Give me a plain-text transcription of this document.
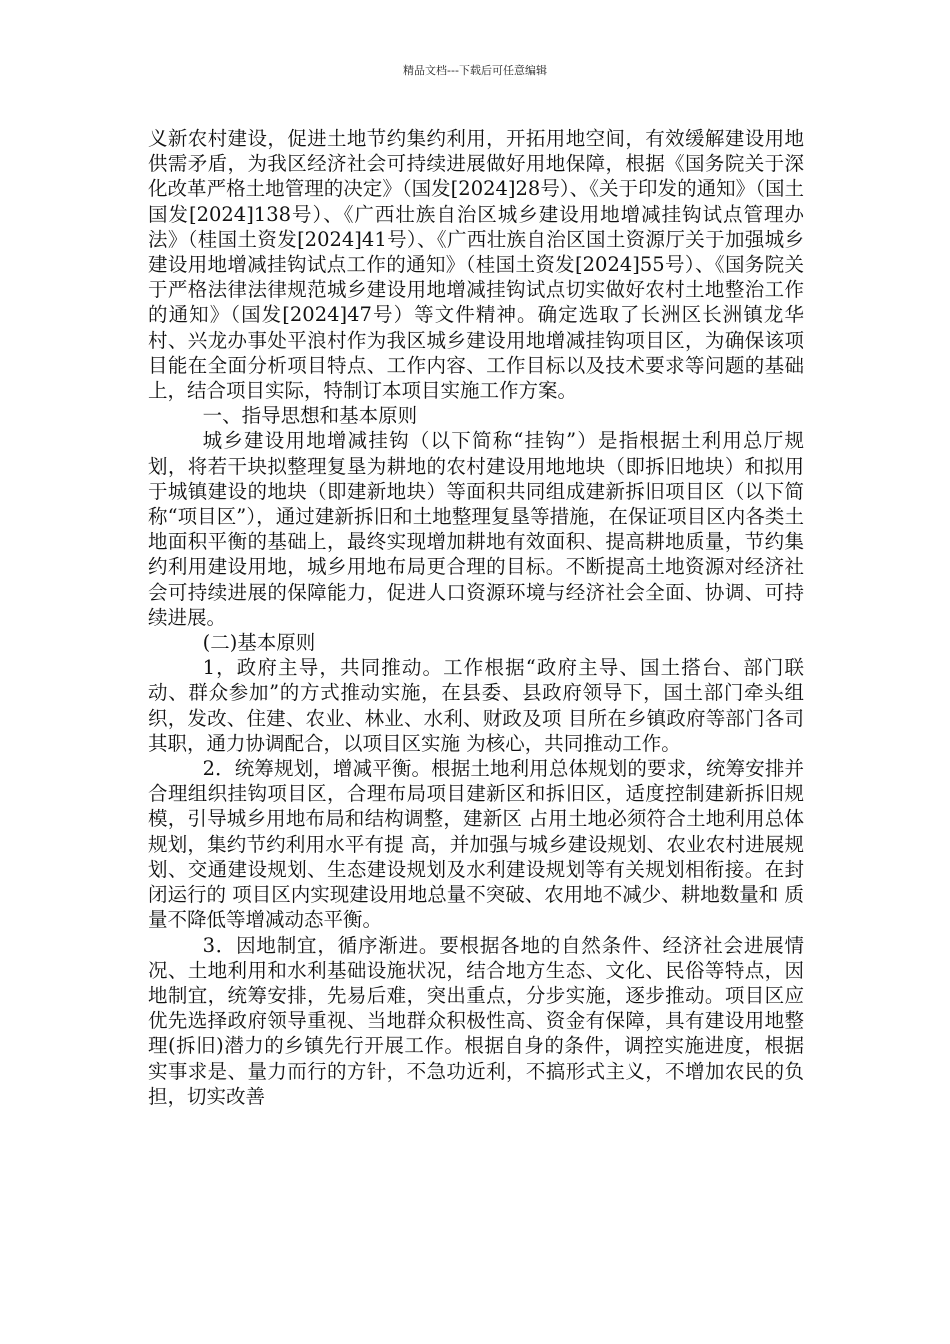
精品文档---下载后可任意编辑

义新农村建设，促进土地节约集约利用，开拓用地空间，有效缓解建设用地供需矛盾，为我区经济社会可持续进展做好用地保障，根据《国务院关于深化改革严格土地管理的决定》（国发[2024]28号）、《关于印发的通知》（国土国发[2024]138号）、《广西壮族自治区城乡建设用地增减挂钩试点管理办法》（桂国土资发[2024]41号）、《广西壮族自治区国土资源厅关于加强城乡建设用地增减挂钩试点工作的通知》（桂国土资发[2024]55号）、《国务院关于严格法律法律规范城乡建设用地增减挂钩试点切实做好农村土地整治工作的通知》（国发[2024]47号）等文件精神。确定选取了长洲区长洲镇龙华村、兴龙办事处平浪村作为我区城乡建设用地增减挂钩项目区，为确保该项目能在全面分析项目特点、工作内容、工作目标以及技术要求等问题的基础上，结合项目实际，特制订本项目实施工作方案。

一、指导思想和基本原则

城乡建设用地增减挂钩（以下简称“挂钩”）是指根据土利用总厅规划，将若干块拟整理复垦为耕地的农村建设用地地块（即拆旧地块）和拟用于城镇建设的地块（即建新地块）等面积共同组成建新拆旧项目区（以下简称“项目区”），通过建新拆旧和土地整理复垦等措施，在保证项目区内各类土地面积平衡的基础上，最终实现增加耕地有效面积、提高耕地质量，节约集约利用建设用地，城乡用地布局更合理的目标。不断提高土地资源对经济社会可持续进展的保障能力，促进人口资源环境与经济社会全面、协调、可持续进展。

(二)基本原则

1，政府主导，共同推动。工作根据“政府主导、国土搭台、部门联动、群众参加”的方式推动实施，在县委、县政府领导下，国土部门牵头组织，发改、住建、农业、林业、水利、财政及项 目所在乡镇政府等部门各司其职，通力协调配合，以项目区实施 为核心，共同推动工作。

2．统筹规划，增减平衡。根据土地利用总体规划的要求，统筹安排并合理组织挂钩项目区，合理布局项目建新区和拆旧区，适度控制建新拆旧规模，引导城乡用地布局和结构调整，建新区 占用土地必须符合土地利用总体规划，集约节约利用水平有提 高，并加强与城乡建设规划、农业农村进展规划、交通建设规划、生态建设规划及水利建设规划等有关规划相衔接。在封闭运行的 项目区内实现建设用地总量不突破、农用地不减少、耕地数量和 质量不降低等增减动态平衡。

3．因地制宜，循序渐进。要根据各地的自然条件、经济社会进展情况、土地利用和水利基础设施状况，结合地方生态、文化、民俗等特点，因地制宜，统筹安排，先易后难，突出重点，分步实施，逐步推动。项目区应优先选择政府领导重视、当地群众积极性高、资金有保障，具有建设用地整理(拆旧)潜力的乡镇先行开展工作。根据自身的条件，调控实施进度，根据实事求是、量力而行的方针，不急功近利，不搞形式主义，不增加农民的负担，切实改善
